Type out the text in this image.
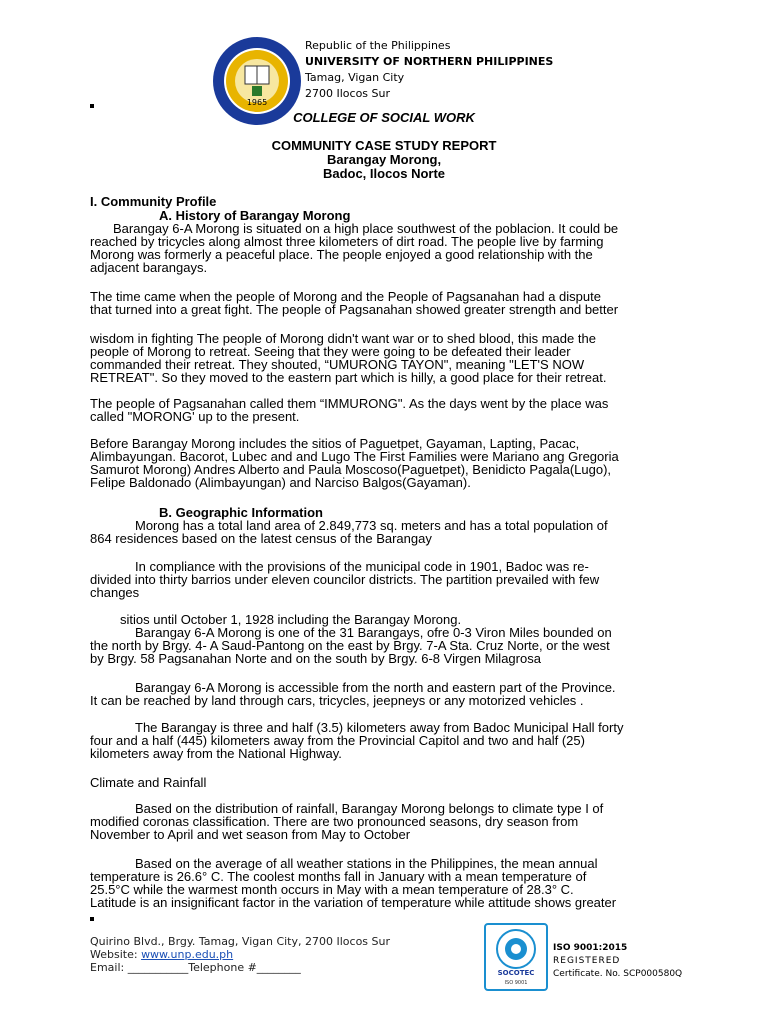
1965
Republic of the Philippines
UNIVERSITY OF NORTHERN PHILIPPINES
Tamag, Vigan City
2700 Ilocos Sur
COLLEGE OF SOCIAL WORK
COMMUNITY CASE STUDY REPORT
Barangay Morong,
Badoc, Ilocos Norte
I. Community Profile
A. History of Barangay Morong
Barangay 6-A Morong is situated on a high place southwest of the poblacion. It could be
reached by tricycles along almost three kilometers of dirt road. The people live by farming
Morong was formerly a peaceful place. The people enjoyed a good relationship with the
adjacent barangays.
The time came when the people of Morong and the People of Pagsanahan had a dispute
that turned into a great fight. The people of Pagsanahan showed greater strength and better
wisdom in fighting The people of Morong didn't want war or to shed blood, this made the
people of Morong to retreat. Seeing that they were going to be defeated their leader
commanded their retreat. They shouted, “UMURONG TAYON", meaning "LET'S NOW
RETREAT". So they moved to the eastern part which is hilly, a good place for their retreat.
The people of Pagsanahan called them “IMMURONG". As the days went by the place was
called "MORONG' up to the present.
Before Barangay Morong includes the sitios of Paguetpet, Gayaman, Lapting, Pacac,
Alimbayungan. Bacorot, Lubec and and Lugo The First Families were Mariano ang Gregoria
Samurot Morong) Andres Alberto and Paula Moscoso(Paguetpet), Benidicto Pagala(Lugo),
Felipe Baldonado (Alimbayungan) and Narciso Balgos(Gayaman).
B. Geographic Information
Morong has a total land area of 2.849,773 sq. meters and has a total population of
864 residences based on the latest census of the Barangay
In compliance with the provisions of the municipal code in 1901, Badoc was re-
divided into thirty barrios under eleven councilor districts. The partition prevailed with few
changes
sitios until October 1, 1928 including the Barangay Morong.
Barangay 6-A Morong is one of the 31 Barangays, ofre 0-3 Viron Miles bounded on
the north by Brgy. 4- A Saud-Pantong on the east by Brgy. 7-A Sta. Cruz Norte, or the west
by Brgy. 58 Pagsanahan Norte and on the south by Brgy. 6-8 Virgen Milagrosa
Barangay 6-A Morong is accessible from the north and eastern part of the Province.
It can be reached by land through cars, tricycles, jeepneys or any motorized vehicles .
The Barangay is three and half (3.5) kilometers away from Badoc Municipal Hall forty
four and a half (445) kilometers away from the Provincial Capitol and two and half (25)
kilometers away from the National Highway.
Climate and Rainfall
Based on the distribution of rainfall, Barangay Morong belongs to climate type I of
modified coronas classification. There are two pronounced seasons, dry season from
November to April and wet season from May to October
Based on the average of all weather stations in the Philippines, the mean annual
temperature is 26.6° C. The coolest months fall in January with a mean temperature of
25.5°C while the warmest month occurs in May with a mean temperature of 28.3° C.
Latitude is an insignificant factor in the variation of temperature while attitude shows greater
Quirino Blvd., Brgy. Tamag, Vigan City, 2700 Ilocos Sur
Website: www.unp.edu.ph
Email: ___________Telephone #________	SOCOTEC
ISO 9001
ISO 9001:2015
REGISTERED
Certificate. No. SCP000580Q
